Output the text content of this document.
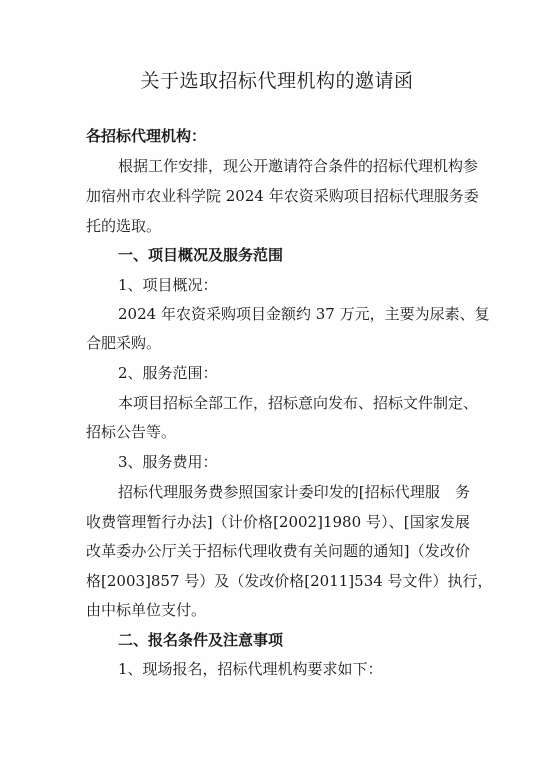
关于选取招标代理机构的邀请函
各招标代理机构：
根据工作安排，现公开邀请符合条件的招标代理机构参
加宿州市农业科学院 2024 年农资采购项目招标代理服务委
托的选取。
一、项目概况及服务范围
1、项目概况：
2024 年农资采购项目金额约 37 万元，主要为尿素、复
合肥采购。
2、服务范围：
本项目招标全部工作，招标意向发布、招标文件制定、
招标公告等。
3、服务费用：
招标代理服务费参照国家计委印发的[招标代理服　务
收费管理暂行办法]（计价格[2002]1980 号）、[国家发展
改革委办公厅关于招标代理收费有关问题的通知]（发改价
格[2003]857 号）及（发改价格[2011]534 号文件）执行，
由中标单位支付。
二、报名条件及注意事项
1、现场报名，招标代理机构要求如下：
